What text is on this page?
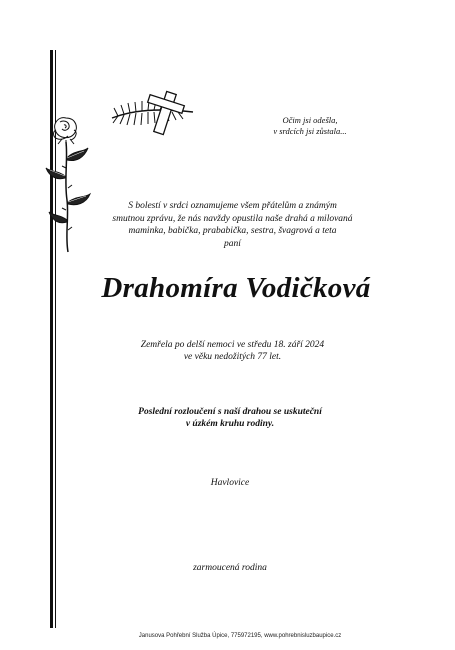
Očim jsi odešla,
v srdcích jsi zůstala...
S bolestí v srdci oznamujeme všem přátelům a známým
smutnou zprávu, že nás navždy opustila naše drahá a milovaná
maminka, babička, prababička, sestra, švagrová a teta
paní
Drahomíra Vodičková
Zemřela po delší nemoci ve středu 18. září 2024
ve věku nedožitých 77 let.
Poslední rozloučení s naší drahou se uskuteční
v úzkém kruhu rodiny.
Havlovice
zarmoucená rodina
Janusova Pohřební Služba Úpice, 775972195, www.pohrebnisluzbaupice.cz
